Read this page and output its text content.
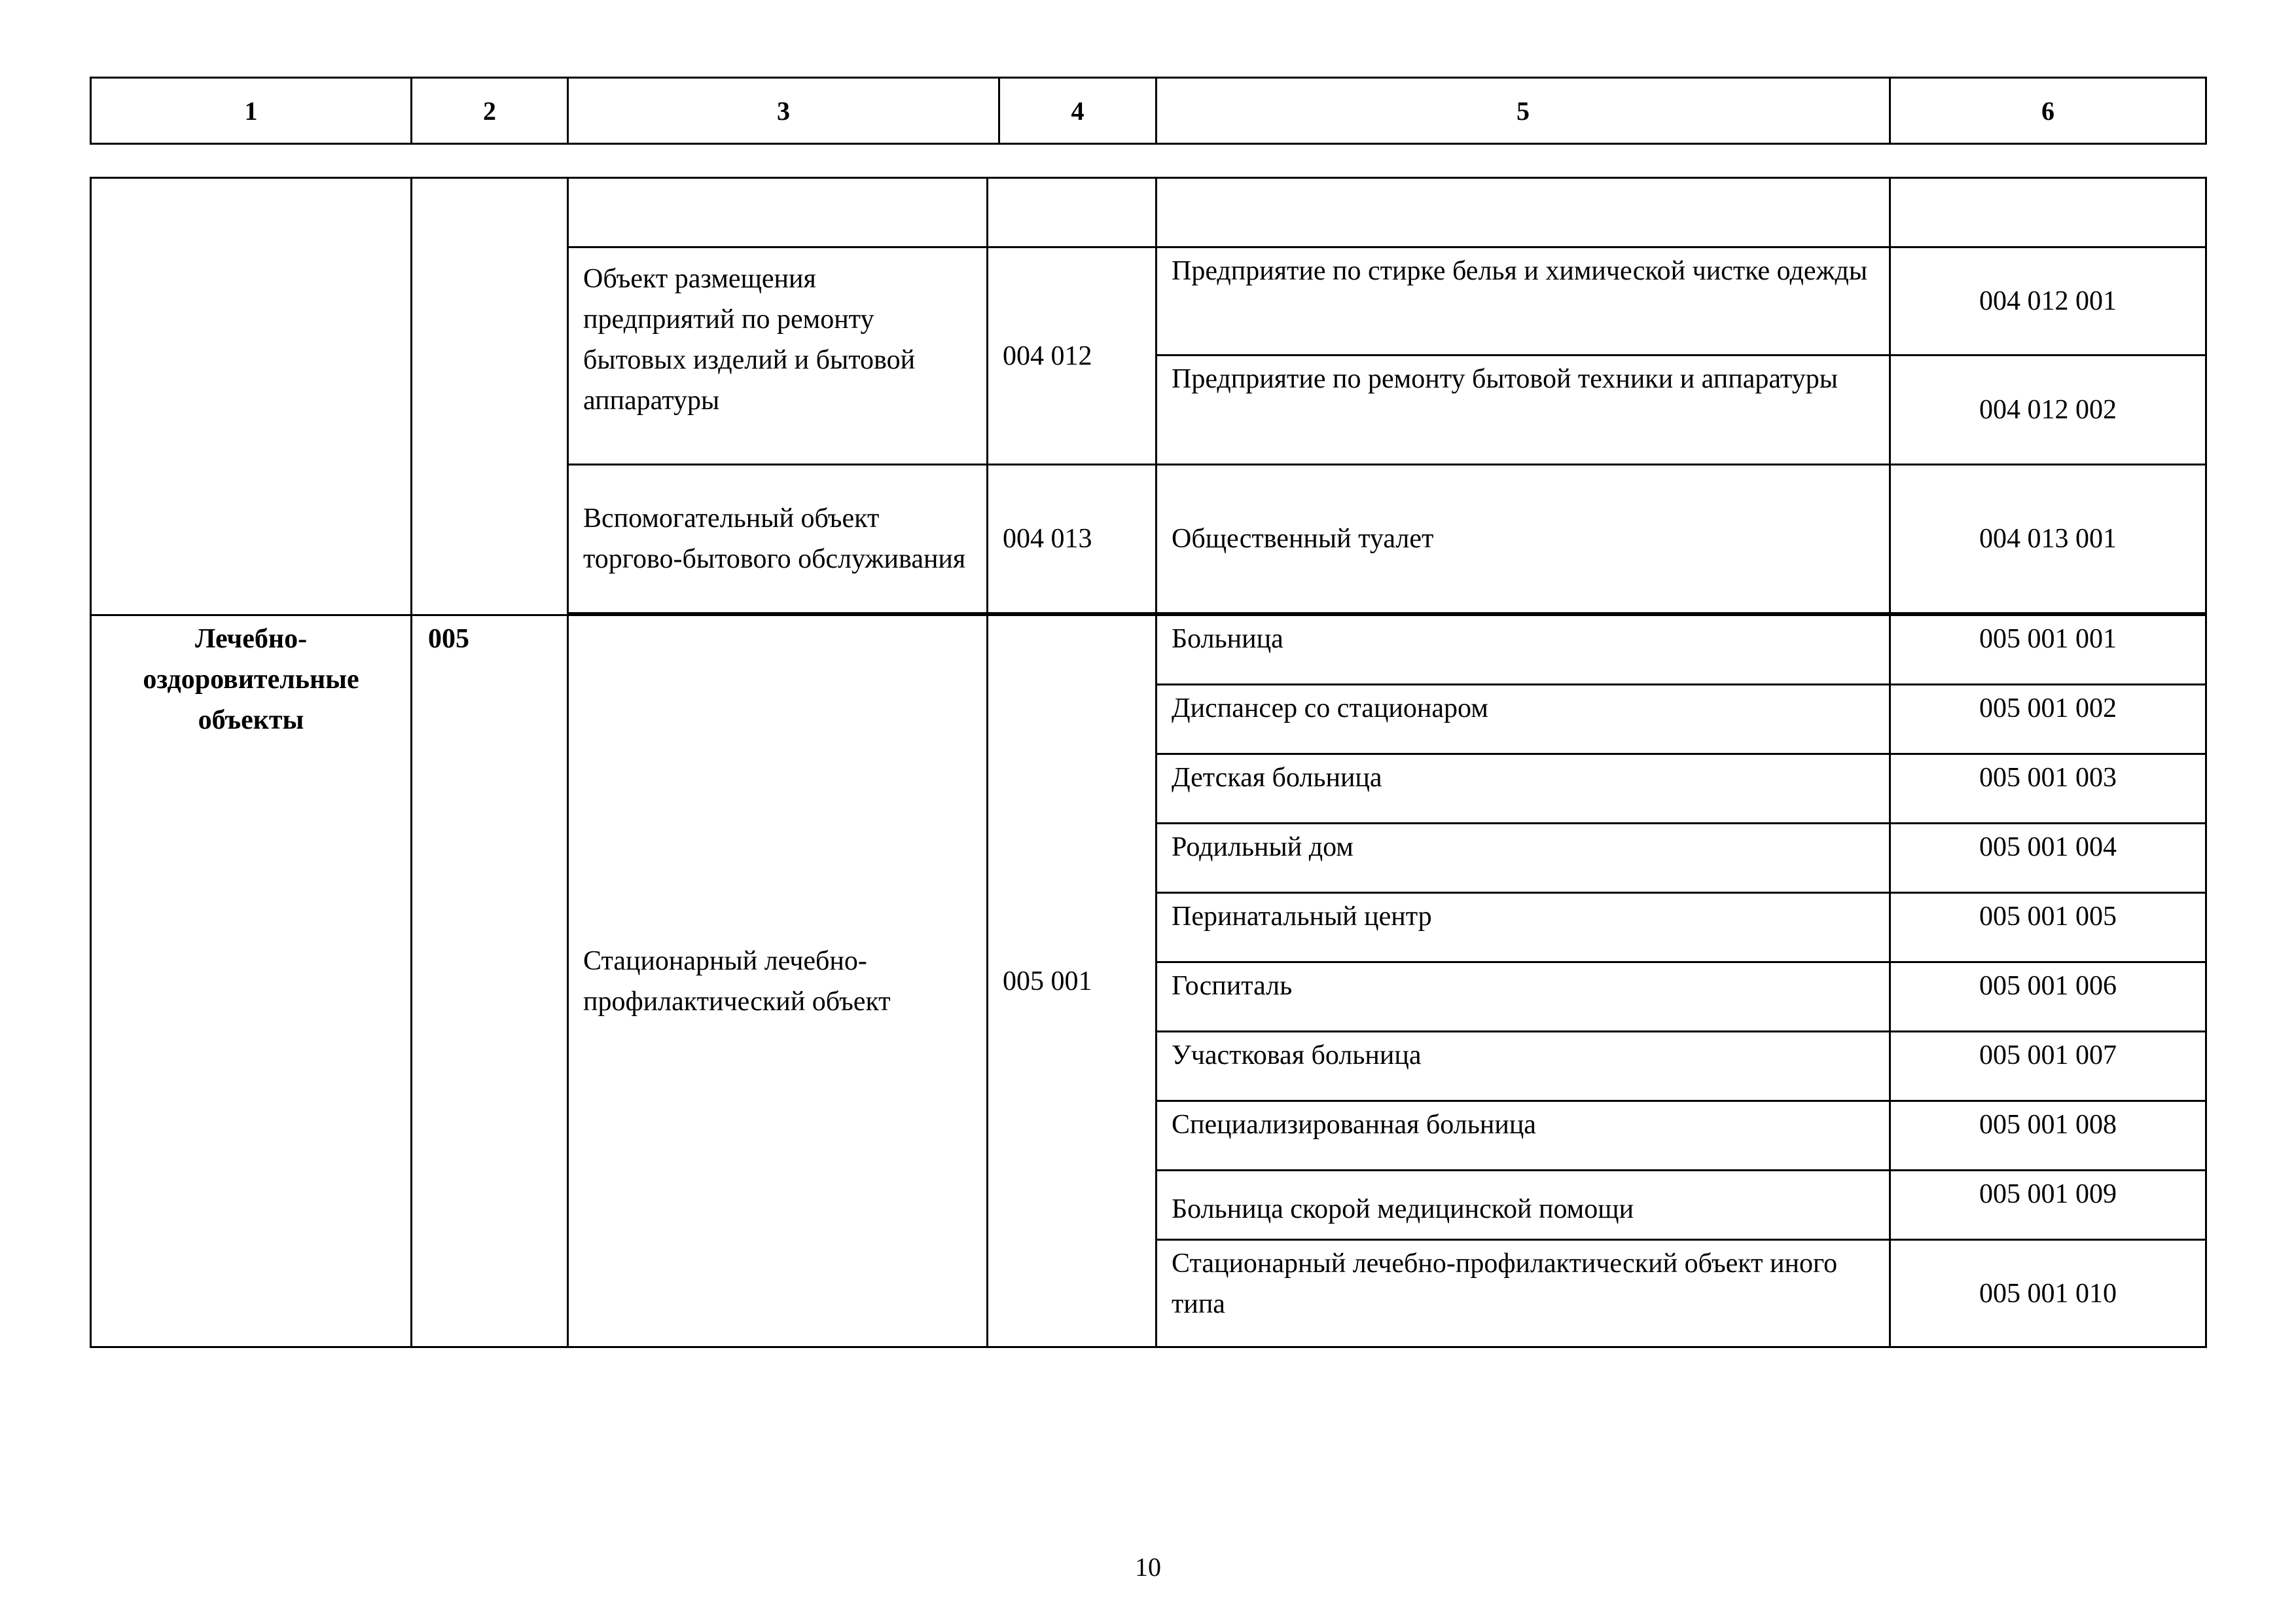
1	2	3	4	5	6

		Объект размещения предприятий по ремонту бытовых изделий и бытовой аппаратуры	004 012	Предприятие по стирке белья и химической чистке одежды	004 012 001
				Предприятие по ремонту бытовой техники и аппаратуры	004 012 002
		Вспомогательный объект торгово-бытового обслуживания	004 013	Общественный туалет	004 013 001

Лечебно-оздоровительные объекты	005	Стационарный лечебно-профилактический объект	005 001	Больница	005 001 001
				Диспансер со стационаром	005 001 002
				Детская больница	005 001 003
				Родильный дом	005 001 004
				Перинатальный центр	005 001 005
				Госпиталь	005 001 006
				Участковая больница	005 001 007
				Специализированная больница	005 001 008
				Больница скорой медицинской помощи	005 001 009
				Стационарный лечебно-профилактический объект иного типа	005 001 010
10
